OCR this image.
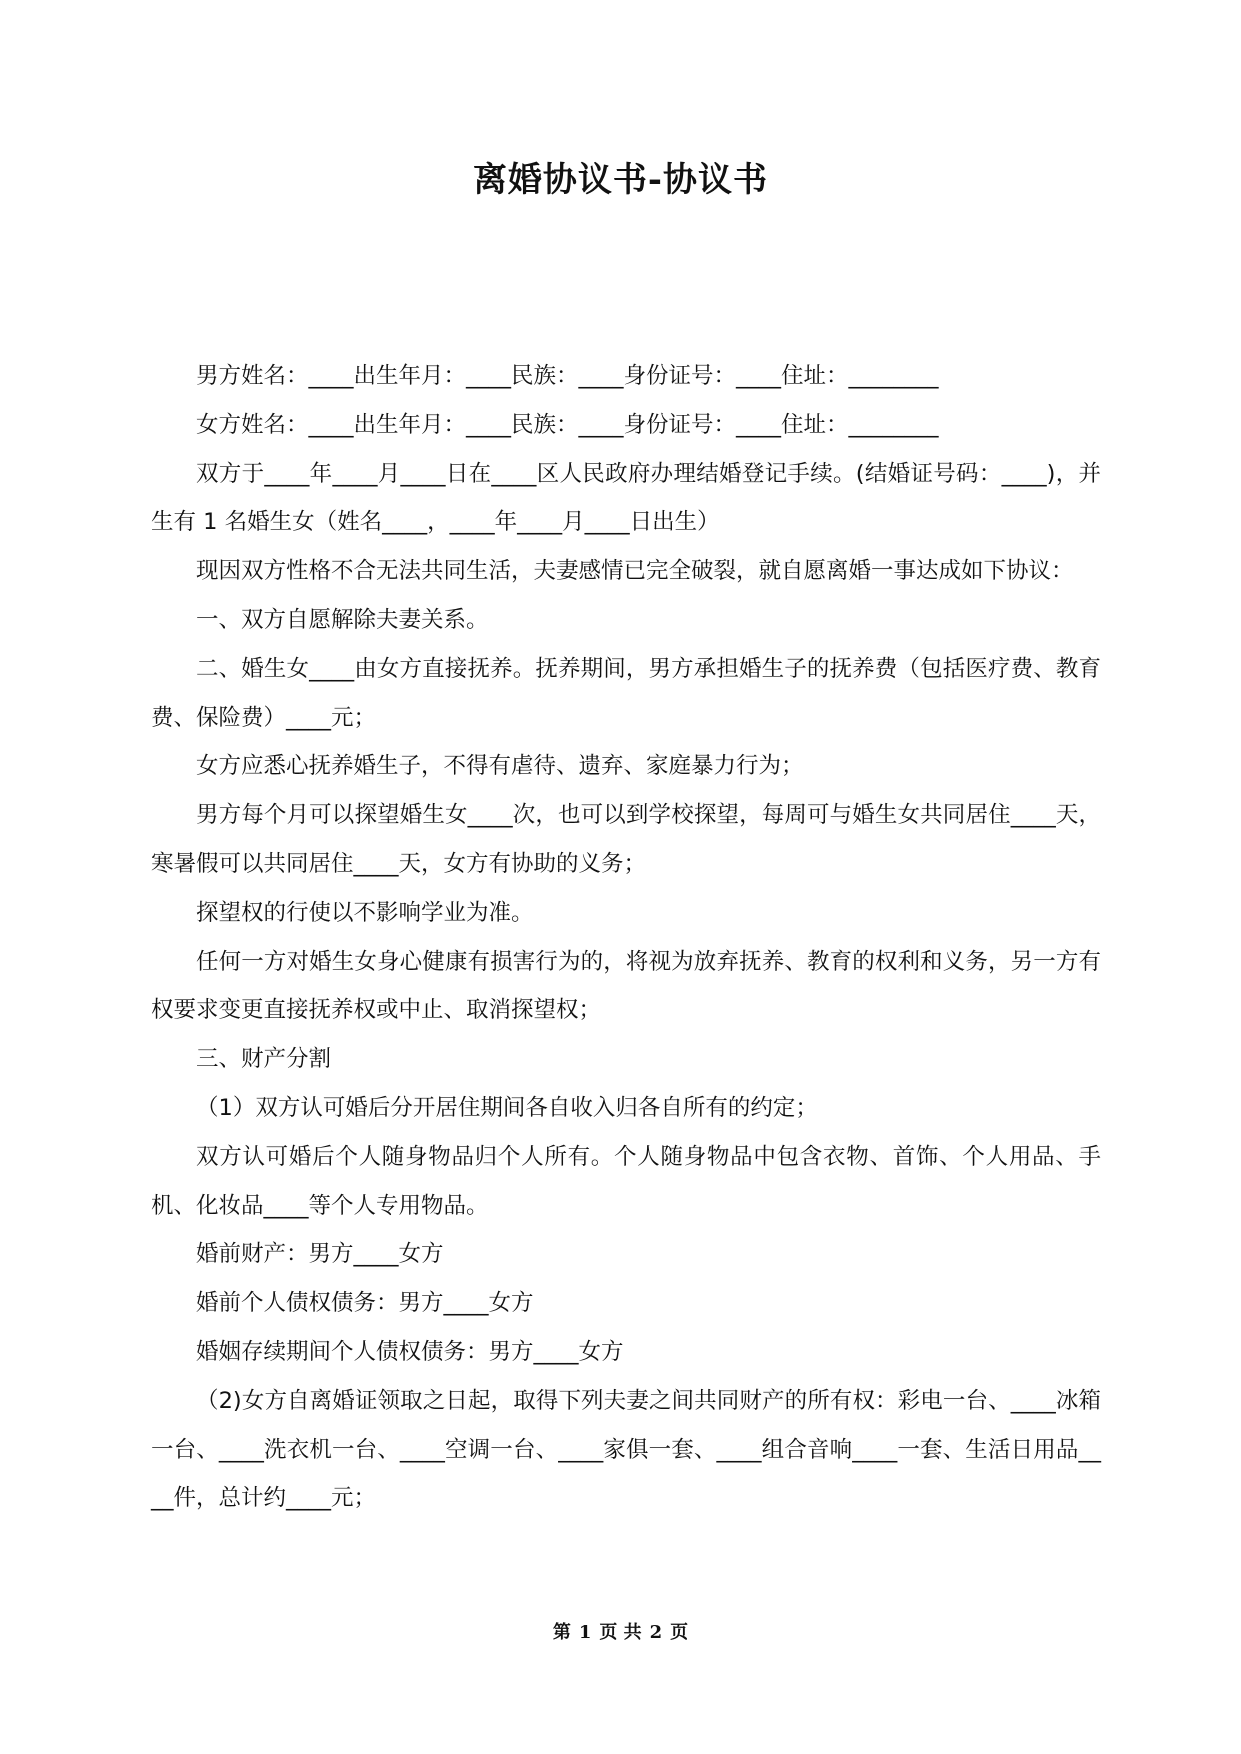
离婚协议书-协议书

男方姓名：____出生年月：____民族：____身份证号：____住址：________

女方姓名：____出生年月：____民族：____身份证号：____住址：________

双方于____年____月____日在____区人民政府办理结婚登记手续。(结婚证号码：____)，并生有 1 名婚生女（姓名____，____年____月____日出生）

现因双方性格不合无法共同生活，夫妻感情已完全破裂，就自愿离婚一事达成如下协议：

一、双方自愿解除夫妻关系。

二、婚生女____由女方直接抚养。抚养期间，男方承担婚生子的抚养费（包括医疗费、教育费、保险费）____元；

女方应悉心抚养婚生子，不得有虐待、遗弃、家庭暴力行为；

男方每个月可以探望婚生女____次，也可以到学校探望，每周可与婚生女共同居住____天，寒暑假可以共同居住____天，女方有协助的义务；

探望权的行使以不影响学业为准。

任何一方对婚生女身心健康有损害行为的，将视为放弃抚养、教育的权利和义务，另一方有权要求变更直接抚养权或中止、取消探望权；

三、财产分割

（1）双方认可婚后分开居住期间各自收入归各自所有的约定；

双方认可婚后个人随身物品归个人所有。个人随身物品中包含衣物、首饰、个人用品、手机、化妆品____等个人专用物品。

婚前财产：男方____女方

婚前个人债权债务：男方____女方

婚姻存续期间个人债权债务：男方____女方

（2)女方自离婚证领取之日起，取得下列夫妻之间共同财产的所有权：彩电一台、____冰箱一台、____洗衣机一台、____空调一台、____家俱一套、____组合音响____一套、生活日用品____件，总计约____元；

第 1 页 共 2 页
